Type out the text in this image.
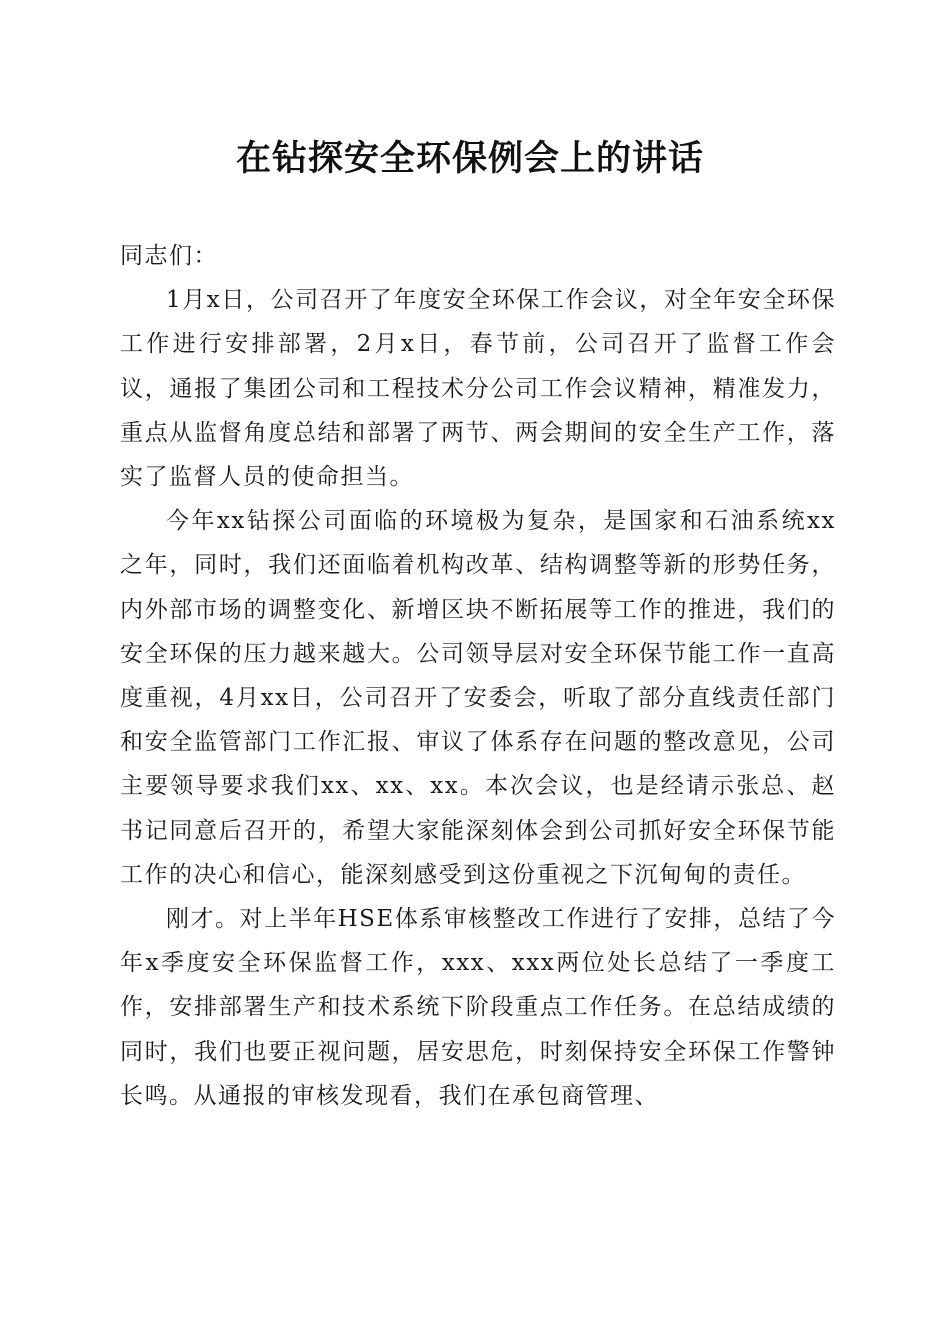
在钻探安全环保例会上的讲话

同志们：

1月x日，公司召开了年度安全环保工作会议，对全年安全环保工作进行安排部署，2月x日，春节前，公司召开了监督工作会议，通报了集团公司和工程技术分公司工作会议精神，精准发力，重点从监督角度总结和部署了两节、两会期间的安全生产工作，落实了监督人员的使命担当。

今年xx钻探公司面临的环境极为复杂，是国家和石油系统xx之年，同时，我们还面临着机构改革、结构调整等新的形势任务，内外部市场的调整变化、新增区块不断拓展等工作的推进，我们的安全环保的压力越来越大。公司领导层对安全环保节能工作一直高度重视，4月xx日，公司召开了安委会，听取了部分直线责任部门和安全监管部门工作汇报、审议了体系存在问题的整改意见，公司主要领导要求我们xx、xx、xx。本次会议，也是经请示张总、赵书记同意后召开的，希望大家能深刻体会到公司抓好安全环保节能工作的决心和信心，能深刻感受到这份重视之下沉甸甸的责任。

刚才。对上半年HSE体系审核整改工作进行了安排，总结了今年x季度安全环保监督工作，xxx、xxx两位处长总结了一季度工作，安排部署生产和技术系统下阶段重点工作任务。在总结成绩的同时，我们也要正视问题，居安思危，时刻保持安全环保工作警钟长鸣。从通报的审核发现看，我们在承包商管理、
